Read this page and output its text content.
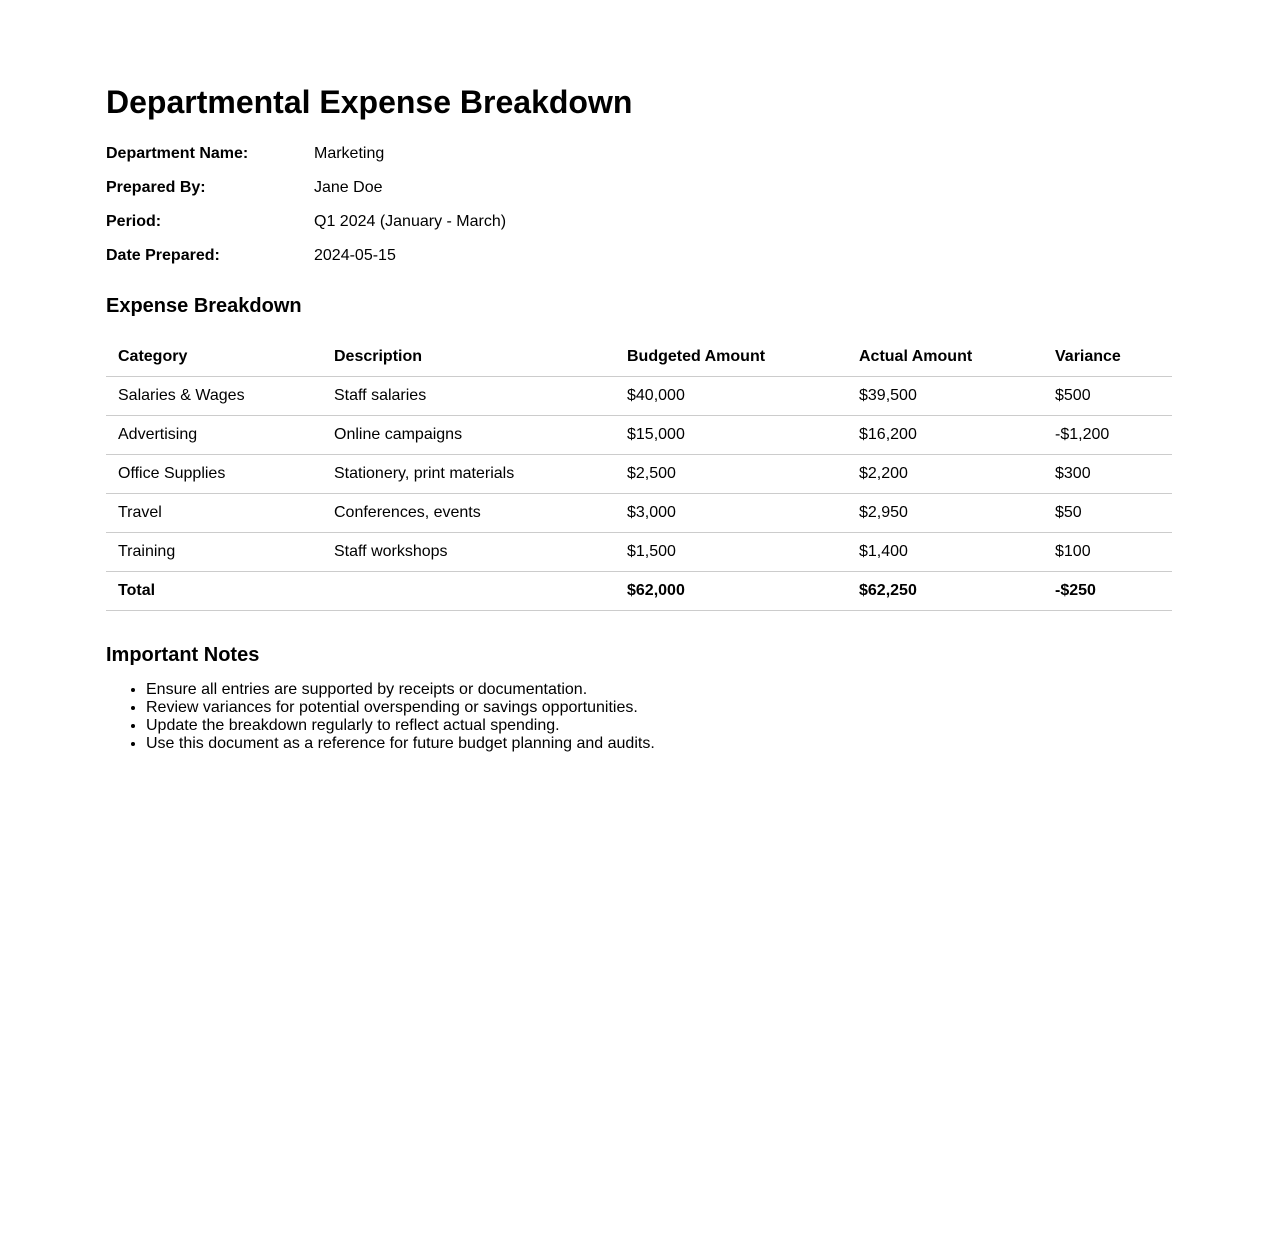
Departmental Expense Breakdown
Department Name:	Marketing
Prepared By:	Jane Doe
Period:	Q1 2024 (January - March)
Date Prepared:	2024-05-15
Expense Breakdown
Category	Description	Budgeted Amount	Actual Amount	Variance
Salaries & Wages	Staff salaries	$40,000	$39,500	$500
Advertising	Online campaigns	$15,000	$16,200	-$1,200
Office Supplies	Stationery, print materials	$2,500	$2,200	$300
Travel	Conferences, events	$3,000	$2,950	$50
Training	Staff workshops	$1,500	$1,400	$100
Total		$62,000	$62,250	-$250
Important Notes
• Ensure all entries are supported by receipts or documentation.
• Review variances for potential overspending or savings opportunities.
• Update the breakdown regularly to reflect actual spending.
• Use this document as a reference for future budget planning and audits.
